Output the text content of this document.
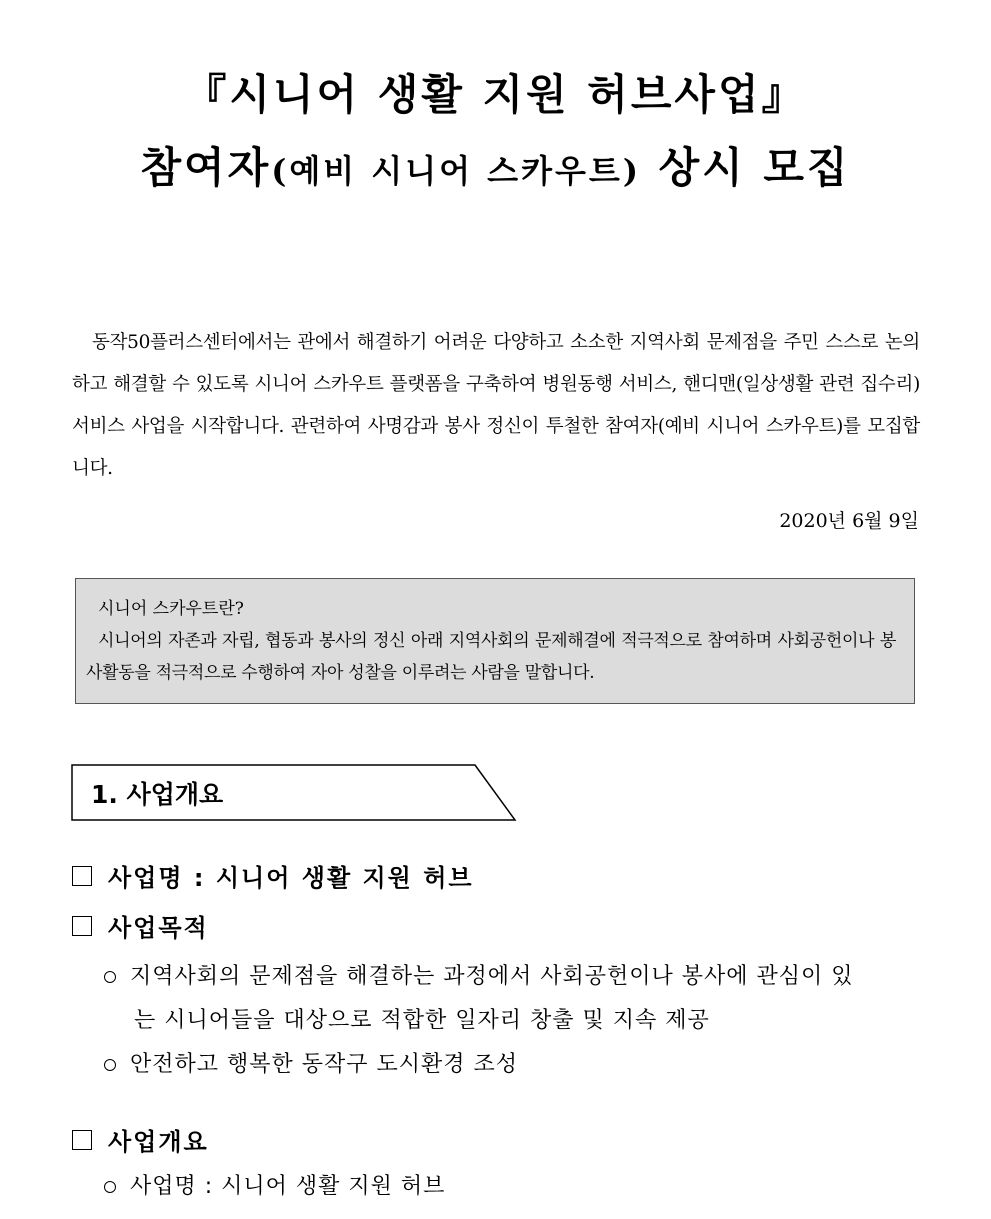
『시니어 생활 지원 허브사업』
참여자(예비 시니어 스카우트) 상시 모집
동작50플러스센터에서는 관에서 해결하기 어려운 다양하고 소소한 지역사회 문제점을 주민 스스로 논의하고 해결할 수 있도록 시니어 스카우트 플랫폼을 구축하여 병원동행 서비스, 핸디맨(일상생활 관련 집수리)서비스 사업을 시작합니다. 관련하여 사명감과 봉사 정신이 투철한 참여자(예비 시니어 스카우트)를 모집합니다.
2020년 6월 9일
시니어 스카우트란?
시니어의 자존과 자립, 협동과 봉사의 정신 아래 지역사회의 문제해결에 적극적으로 참여하며 사회공헌이나 봉사활동을 적극적으로 수행하여 자아 성찰을 이루려는 사람을 말합니다.
1. 사업개요
사업명 : 시니어 생활 지원 허브
사업목적
지역사회의 문제점을 해결하는 과정에서 사회공헌이나 봉사에 관심이 있
는 시니어들을 대상으로 적합한 일자리 창출 및 지속 제공
안전하고 행복한 동작구 도시환경 조성
사업개요
사업명 : 시니어 생활 지원 허브
